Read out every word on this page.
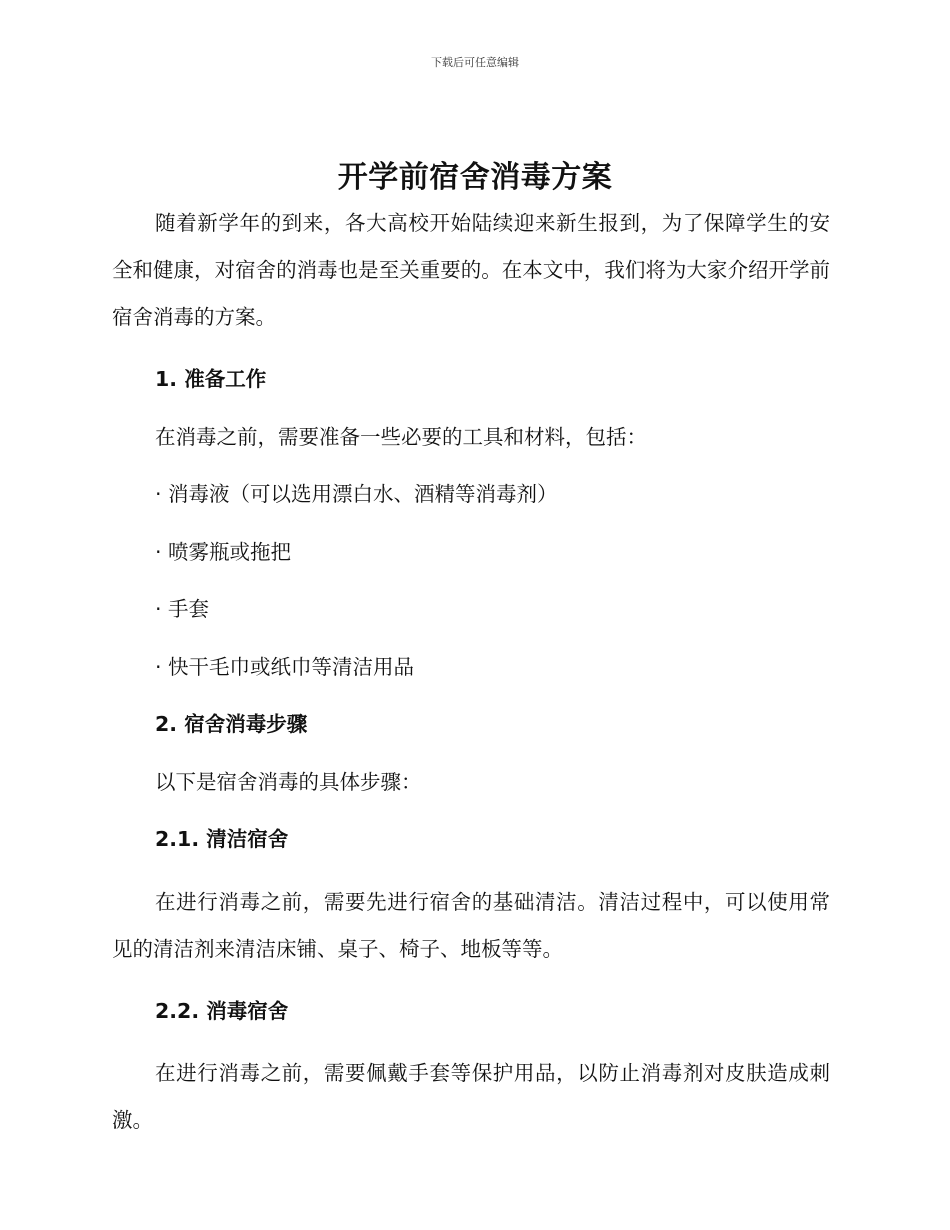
下载后可任意编辑
开学前宿舍消毒方案

随着新学年的到来，各大高校开始陆续迎来新生报到，为了保障学生的安全和健康，对宿舍的消毒也是至关重要的。在本文中，我们将为大家介绍开学前宿舍消毒的方案。

1. 准备工作

在消毒之前，需要准备一些必要的工具和材料，包括：

· 消毒液（可以选用漂白水、酒精等消毒剂）

· 喷雾瓶或拖把

· 手套

· 快干毛巾或纸巾等清洁用品

2. 宿舍消毒步骤

以下是宿舍消毒的具体步骤：

2.1. 清洁宿舍

在进行消毒之前，需要先进行宿舍的基础清洁。清洁过程中，可以使用常见的清洁剂来清洁床铺、桌子、椅子、地板等等。

2.2. 消毒宿舍

在进行消毒之前，需要佩戴手套等保护用品，以防止消毒剂对皮肤造成刺激。
